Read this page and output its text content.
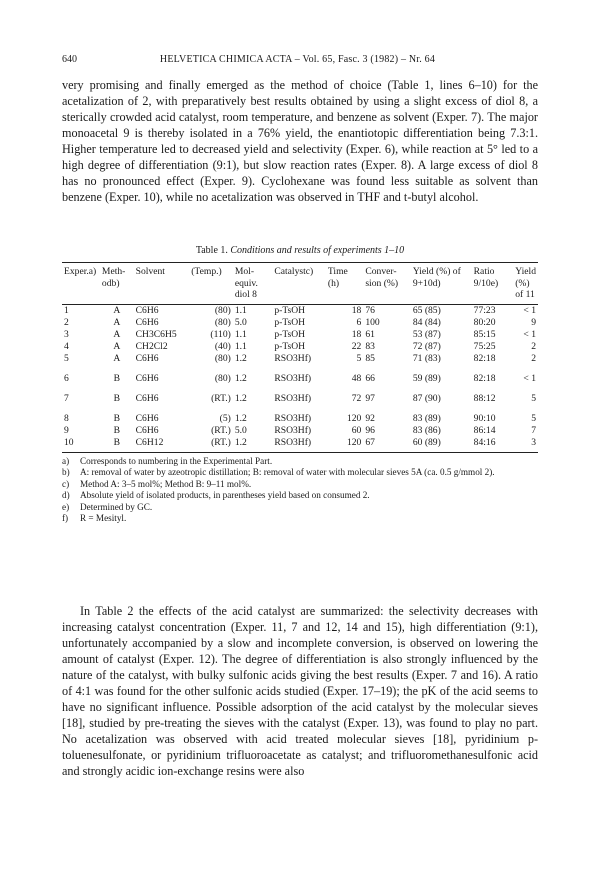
640	HELVETICA CHIMICA ACTA – Vol. 65, Fasc. 3 (1982) – Nr. 64

very promising and finally emerged as the method of choice (Table 1, lines 6–10) for the acetalization of 2, with preparatively best results obtained by using a slight excess of diol 8, a sterically crowded acid catalyst, room temperature, and benzene as solvent (Exper. 7). The major monoacetal 9 is thereby isolated in a 76% yield, the enantiotopic differentiation being 7.3:1. Higher temperature led to decreased yield and selectivity (Exper. 6), while reaction at 5° led to a high degree of differentiation (9:1), but slow reaction rates (Exper. 8). A large excess of diol 8 has no pronounced effect (Exper. 9). Cyclohexane was found less suitable as solvent than benzene (Exper. 10), while no acetalization was observed in THF and t-butyl alcohol.

Table 1. Conditions and results of experiments 1–10
Exper.a)	Meth-odb)	Solvent	(Temp.)	Mol-equiv. diol 8	Catalystc)	Time (h)	Conver-sion (%)	Yield (%) of 9+10d)	Ratio 9/10e)	Yield (%) of 11
1	A	C6H6	(80)	1.1	p-TsOH	18	76	65 (85)	77:23	< 1
2	A	C6H6	(80)	5.0	p-TsOH	6	100	84 (84)	80:20	9
3	A	CH3C6H5	(110)	1.1	p-TsOH	18	61	53 (87)	85:15	< 1
4	A	CH2Cl2	(40)	1.1	p-TsOH	22	83	72 (87)	75:25	2
5	A	C6H6	(80)	1.2	RSO3Hf)	5	85	71 (83)	82:18	2
6	B	C6H6	(80)	1.2	RSO3Hf)	48	66	59 (89)	82:18	< 1
7	B	C6H6	(RT.)	1.2	RSO3Hf)	72	97	87 (90)	88:12	5
8	B	C6H6	(5)	1.2	RSO3Hf)	120	92	83 (89)	90:10	5
9	B	C6H6	(RT.)	5.0	RSO3Hf)	60	96	83 (86)	86:14	7
10	B	C6H12	(RT.)	1.2	RSO3Hf)	120	67	60 (89)	84:16	3
a)	Corresponds to numbering in the Experimental Part.
b)	A: removal of water by azeotropic distillation; B: removal of water with molecular sieves 5A (ca. 0.5 g/mmol 2).
c)	Method A: 3–5 mol%; Method B: 9–11 mol%.
d)	Absolute yield of isolated products, in parentheses yield based on consumed 2.
e)	Determined by GC.
f)	R = Mesityl.

In Table 2 the effects of the acid catalyst are summarized: the selectivity decreases with increasing catalyst concentration (Exper. 11, 7 and 12, 14 and 15), high differentiation (9:1), unfortunately accompanied by a slow and incomplete conversion, is observed on lowering the amount of catalyst (Exper. 12). The degree of differentiation is also strongly influenced by the nature of the catalyst, with bulky sulfonic acids giving the best results (Exper. 7 and 16). A ratio of 4:1 was found for the other sulfonic acids studied (Exper. 17–19); the pK of the acid seems to have no significant influence. Possible adsorption of the acid catalyst by the molecular sieves [18], studied by pre-treating the sieves with the catalyst (Exper. 13), was found to play no part. No acetalization was observed with acid treated molecular sieves [18], pyridinium p-toluenesulfonate, or pyridinium trifluoroacetate as catalyst; and trifluoromethanesulfonic acid and strongly acidic ion-exchange resins were also
